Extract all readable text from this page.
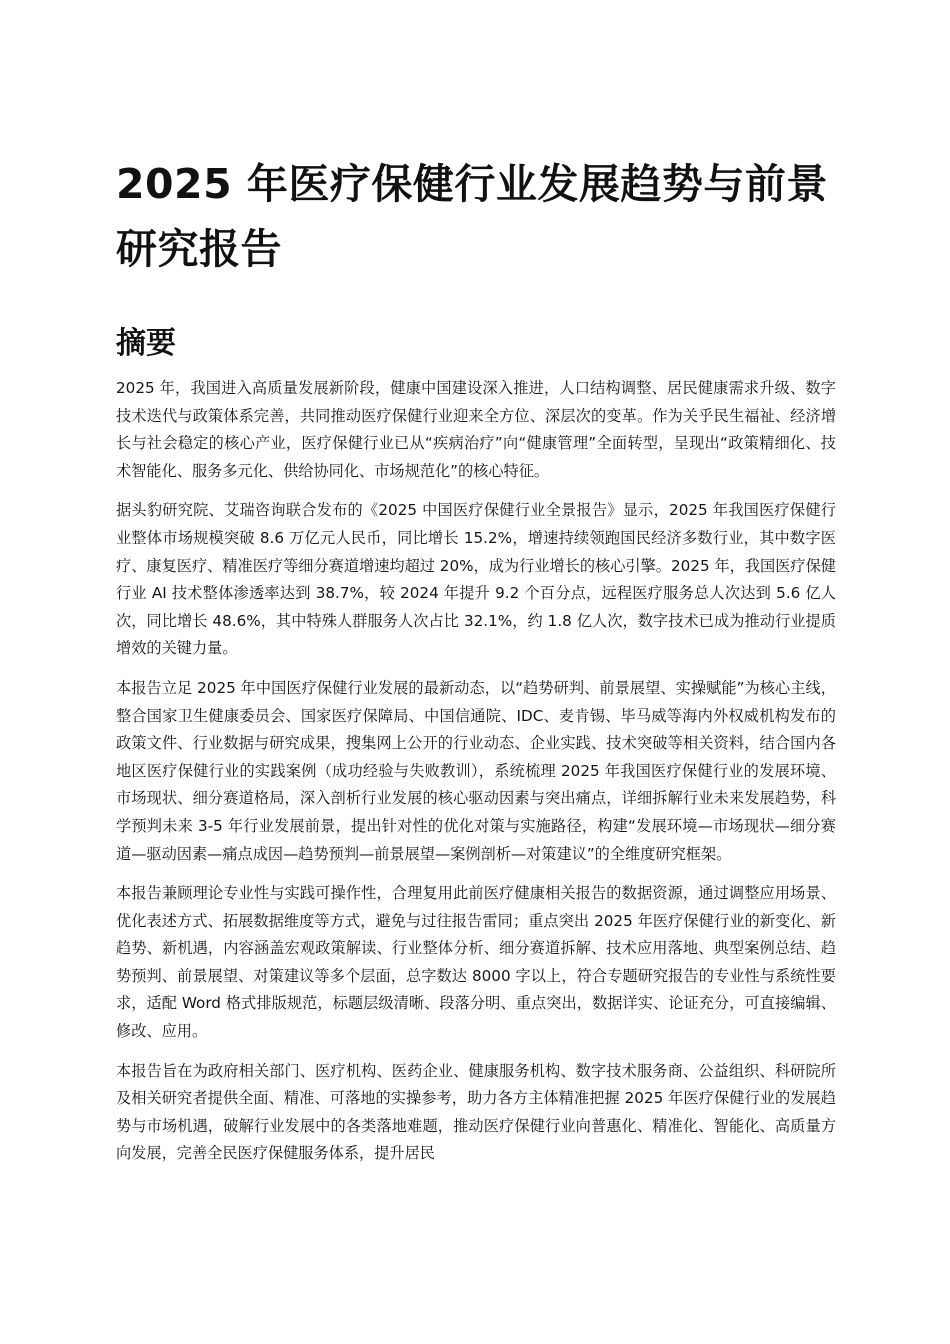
2025 年医疗保健行业发展趋势与前景研究报告
摘要

2025 年，我国进入高质量发展新阶段，健康中国建设深入推进，人口结构调整、居民健康需求升级、数字技术迭代与政策体系完善，共同推动医疗保健行业迎来全方位、深层次的变革。作为关乎民生福祉、经济增长与社会稳定的核心产业，医疗保健行业已从“疾病治疗”向“健康管理”全面转型，呈现出“政策精细化、技术智能化、服务多元化、供给协同化、市场规范化”的核心特征。

据头豹研究院、艾瑞咨询联合发布的《2025 中国医疗保健行业全景报告》显示，2025 年我国医疗保健行业整体市场规模突破 8.6 万亿元人民币，同比增长 15.2%，增速持续领跑国民经济多数行业，其中数字医疗、康复医疗、精准医疗等细分赛道增速均超过 20%，成为行业增长的核心引擎。2025 年，我国医疗保健行业 AI 技术整体渗透率达到 38.7%，较 2024 年提升 9.2 个百分点，远程医疗服务总人次达到 5.6 亿人次，同比增长 48.6%，其中特殊人群服务人次占比 32.1%，约 1.8 亿人次，数字技术已成为推动行业提质增效的关键力量。

本报告立足 2025 年中国医疗保健行业发展的最新动态，以“趋势研判、前景展望、实操赋能”为核心主线，整合国家卫生健康委员会、国家医疗保障局、中国信通院、IDC、麦肯锡、毕马威等海内外权威机构发布的政策文件、行业数据与研究成果，搜集网上公开的行业动态、企业实践、技术突破等相关资料，结合国内各地区医疗保健行业的实践案例（成功经验与失败教训），系统梳理 2025 年我国医疗保健行业的发展环境、市场现状、细分赛道格局，深入剖析行业发展的核心驱动因素与突出痛点，详细拆解行业未来发展趋势，科学预判未来 3-5 年行业发展前景，提出针对性的优化对策与实施路径，构建“发展环境—市场现状—细分赛道—驱动因素—痛点成因—趋势预判—前景展望—案例剖析—对策建议”的全维度研究框架。

本报告兼顾理论专业性与实践可操作性，合理复用此前医疗健康相关报告的数据资源，通过调整应用场景、优化表述方式、拓展数据维度等方式，避免与过往报告雷同；重点突出 2025 年医疗保健行业的新变化、新趋势、新机遇，内容涵盖宏观政策解读、行业整体分析、细分赛道拆解、技术应用落地、典型案例总结、趋势预判、前景展望、对策建议等多个层面，总字数达 8000 字以上，符合专题研究报告的专业性与系统性要求，适配 Word 格式排版规范，标题层级清晰、段落分明、重点突出，数据详实、论证充分，可直接编辑、修改、应用。

本报告旨在为政府相关部门、医疗机构、医药企业、健康服务机构、数字技术服务商、公益组织、科研院所及相关研究者提供全面、精准、可落地的实操参考，助力各方主体精准把握 2025 年医疗保健行业的发展趋势与市场机遇，破解行业发展中的各类落地难题，推动医疗保健行业向普惠化、精准化、智能化、高质量方向发展，完善全民医疗保健服务体系，提升居民
